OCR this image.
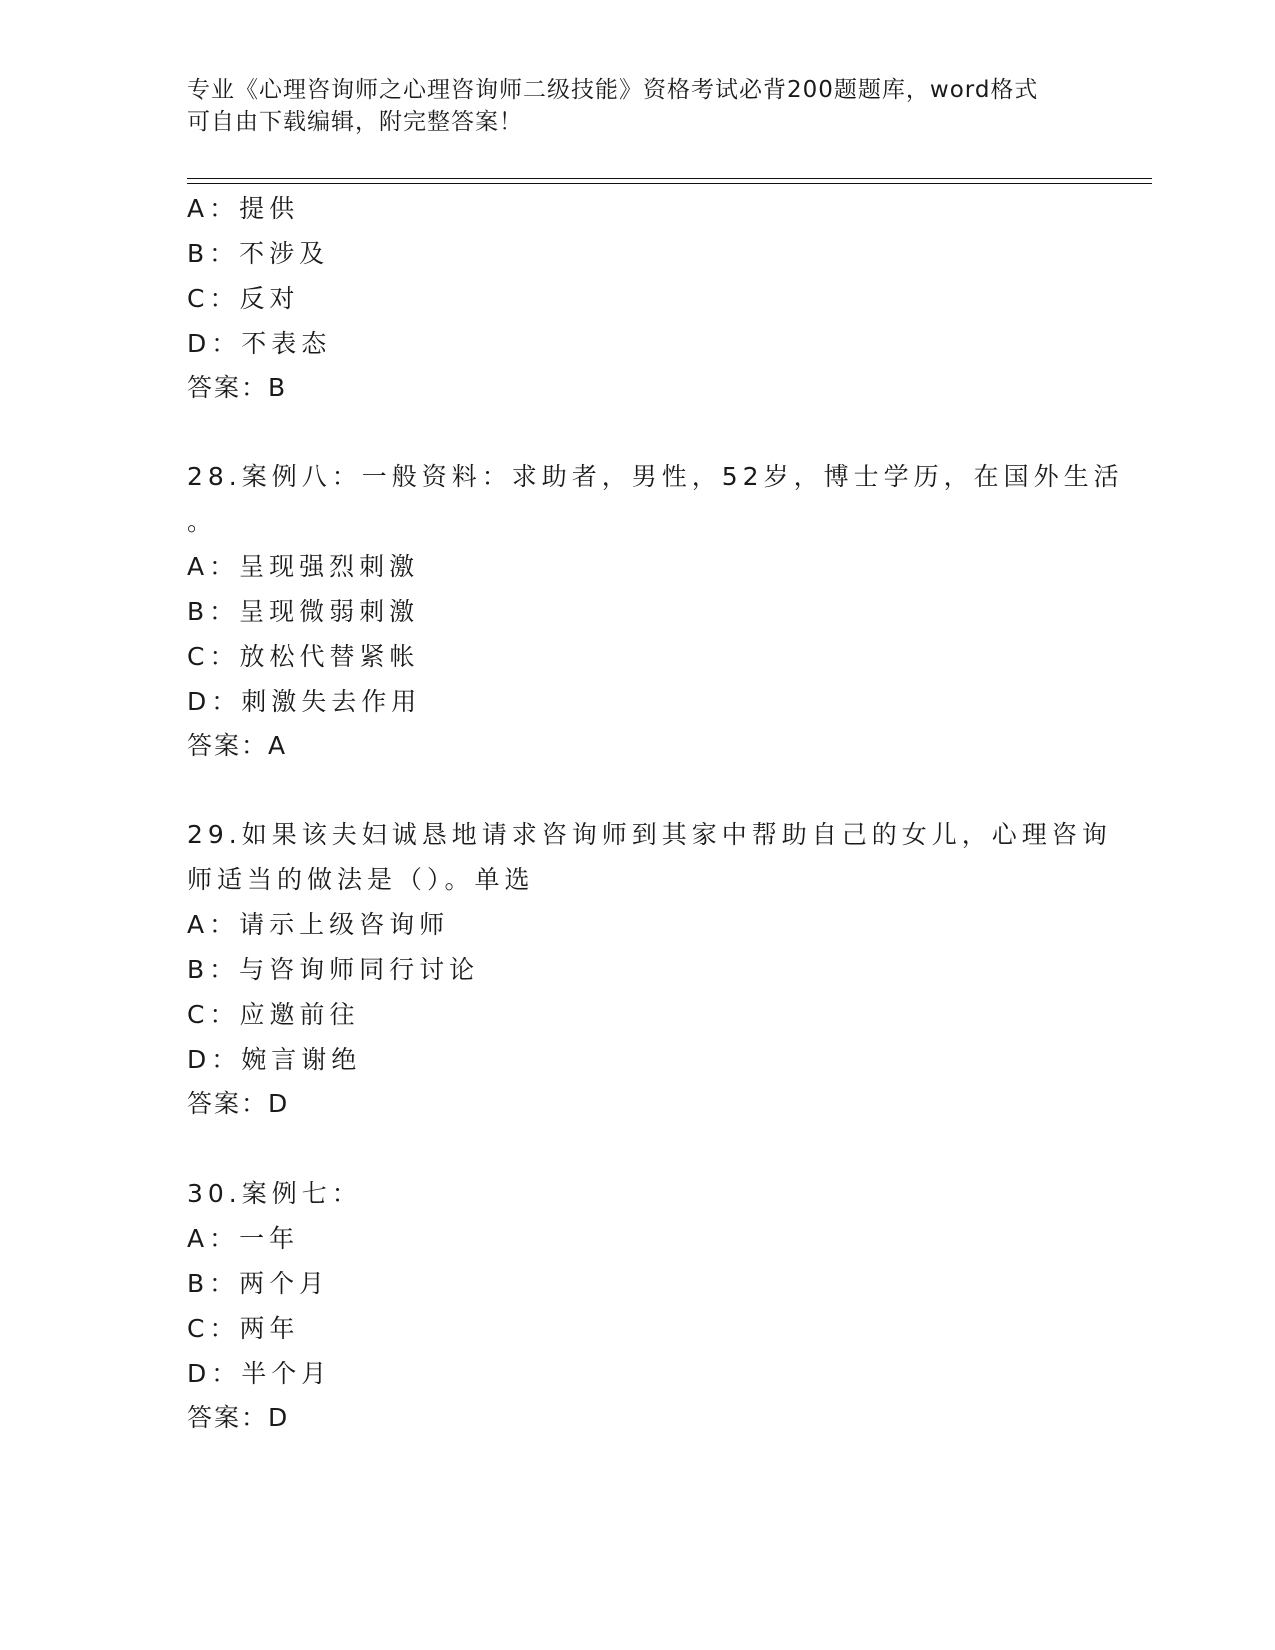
专业《心理咨询师之心理咨询师二级技能》资格考试必背200题题库，word格式
可自由下载编辑，附完整答案！
A：提供
B：不涉及
C：反对
D：不表态
答案：B
28.案例八：一般资料：求助者，男性，52岁，博士学历，在国外生活
。
A：呈现强烈刺激
B：呈现微弱刺激
C：放松代替紧帐
D：刺激失去作用
答案：A
29.如果该夫妇诚恳地请求咨询师到其家中帮助自己的女儿，心理咨询
师适当的做法是（）。单选
A：请示上级咨询师
B：与咨询师同行讨论
C：应邀前往
D：婉言谢绝
答案：D
30.案例七：
A：一年
B：两个月
C：两年
D：半个月
答案：D
